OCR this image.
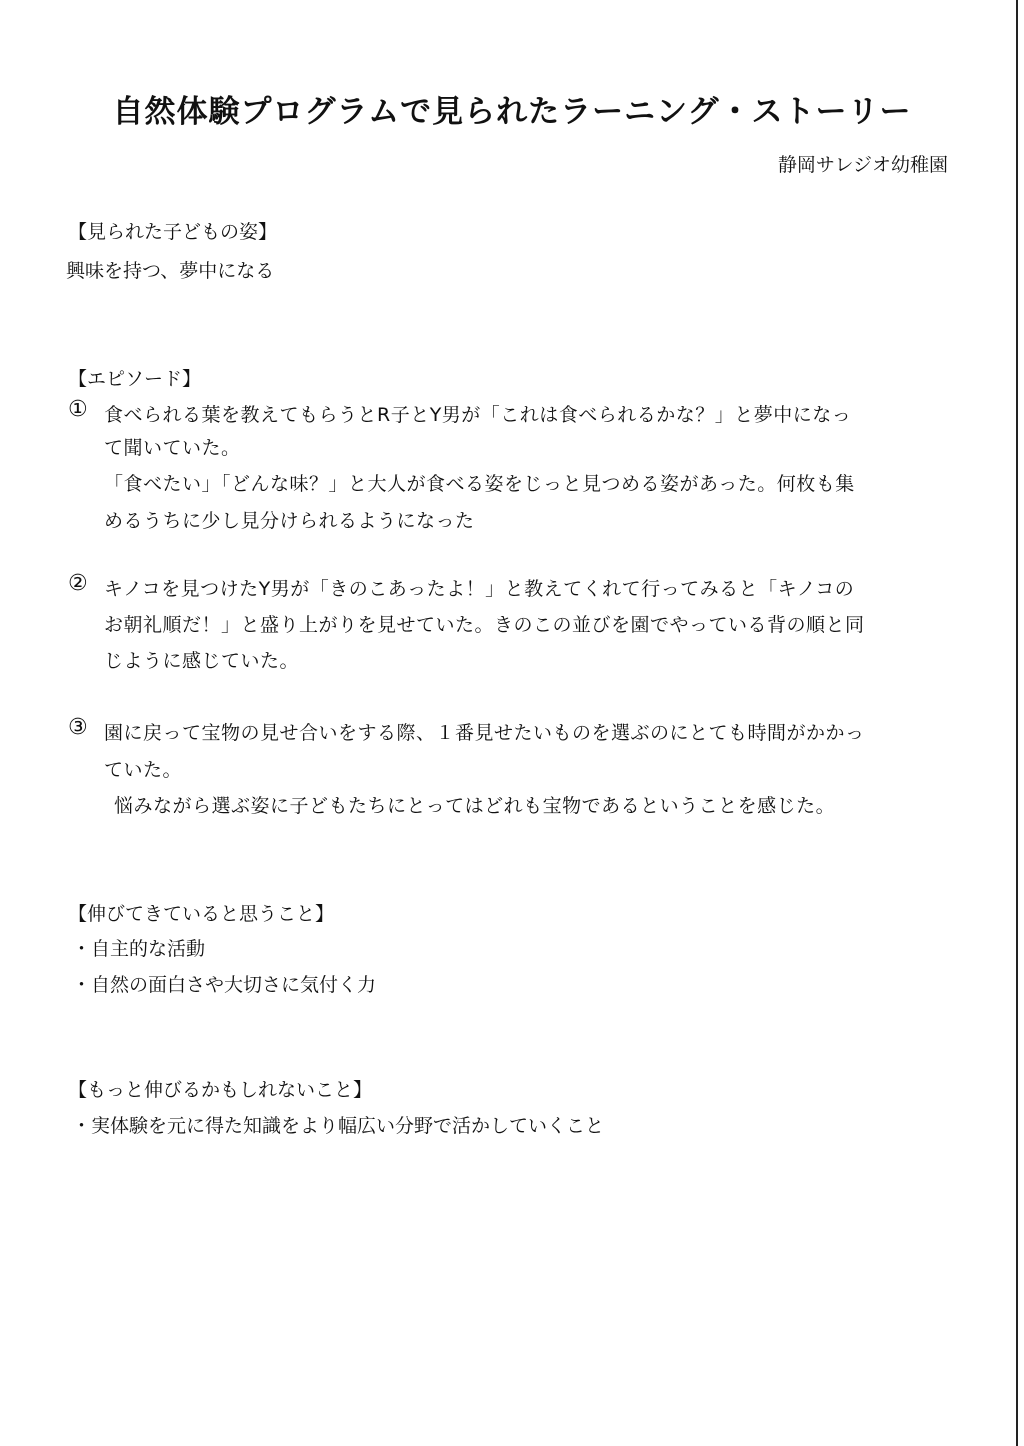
自然体験プログラムで見られたラーニング・ストーリー
静岡サレジオ幼稚園
【見られた子どもの姿】
興味を持つ、夢中になる
【エピソード】
① 食べられる葉を教えてもらうとR子とY男が「これは食べられるかな？」と夢中になっ
て聞いていた。
「食べたい」「どんな味？」と大人が食べる姿をじっと見つめる姿があった。何枚も集
めるうちに少し見分けられるようになった
② キノコを見つけたY男が「きのこあったよ！」と教えてくれて行ってみると「キノコの
お朝礼順だ！」と盛り上がりを見せていた。きのこの並びを園でやっている背の順と同
じように感じていた。
③ 園に戻って宝物の見せ合いをする際、１番見せたいものを選ぶのにとても時間がかかっ
ていた。
悩みながら選ぶ姿に子どもたちにとってはどれも宝物であるということを感じた。
【伸びてきていると思うこと】
・自主的な活動
・自然の面白さや大切さに気付く力
【もっと伸びるかもしれないこと】
・実体験を元に得た知識をより幅広い分野で活かしていくこと
